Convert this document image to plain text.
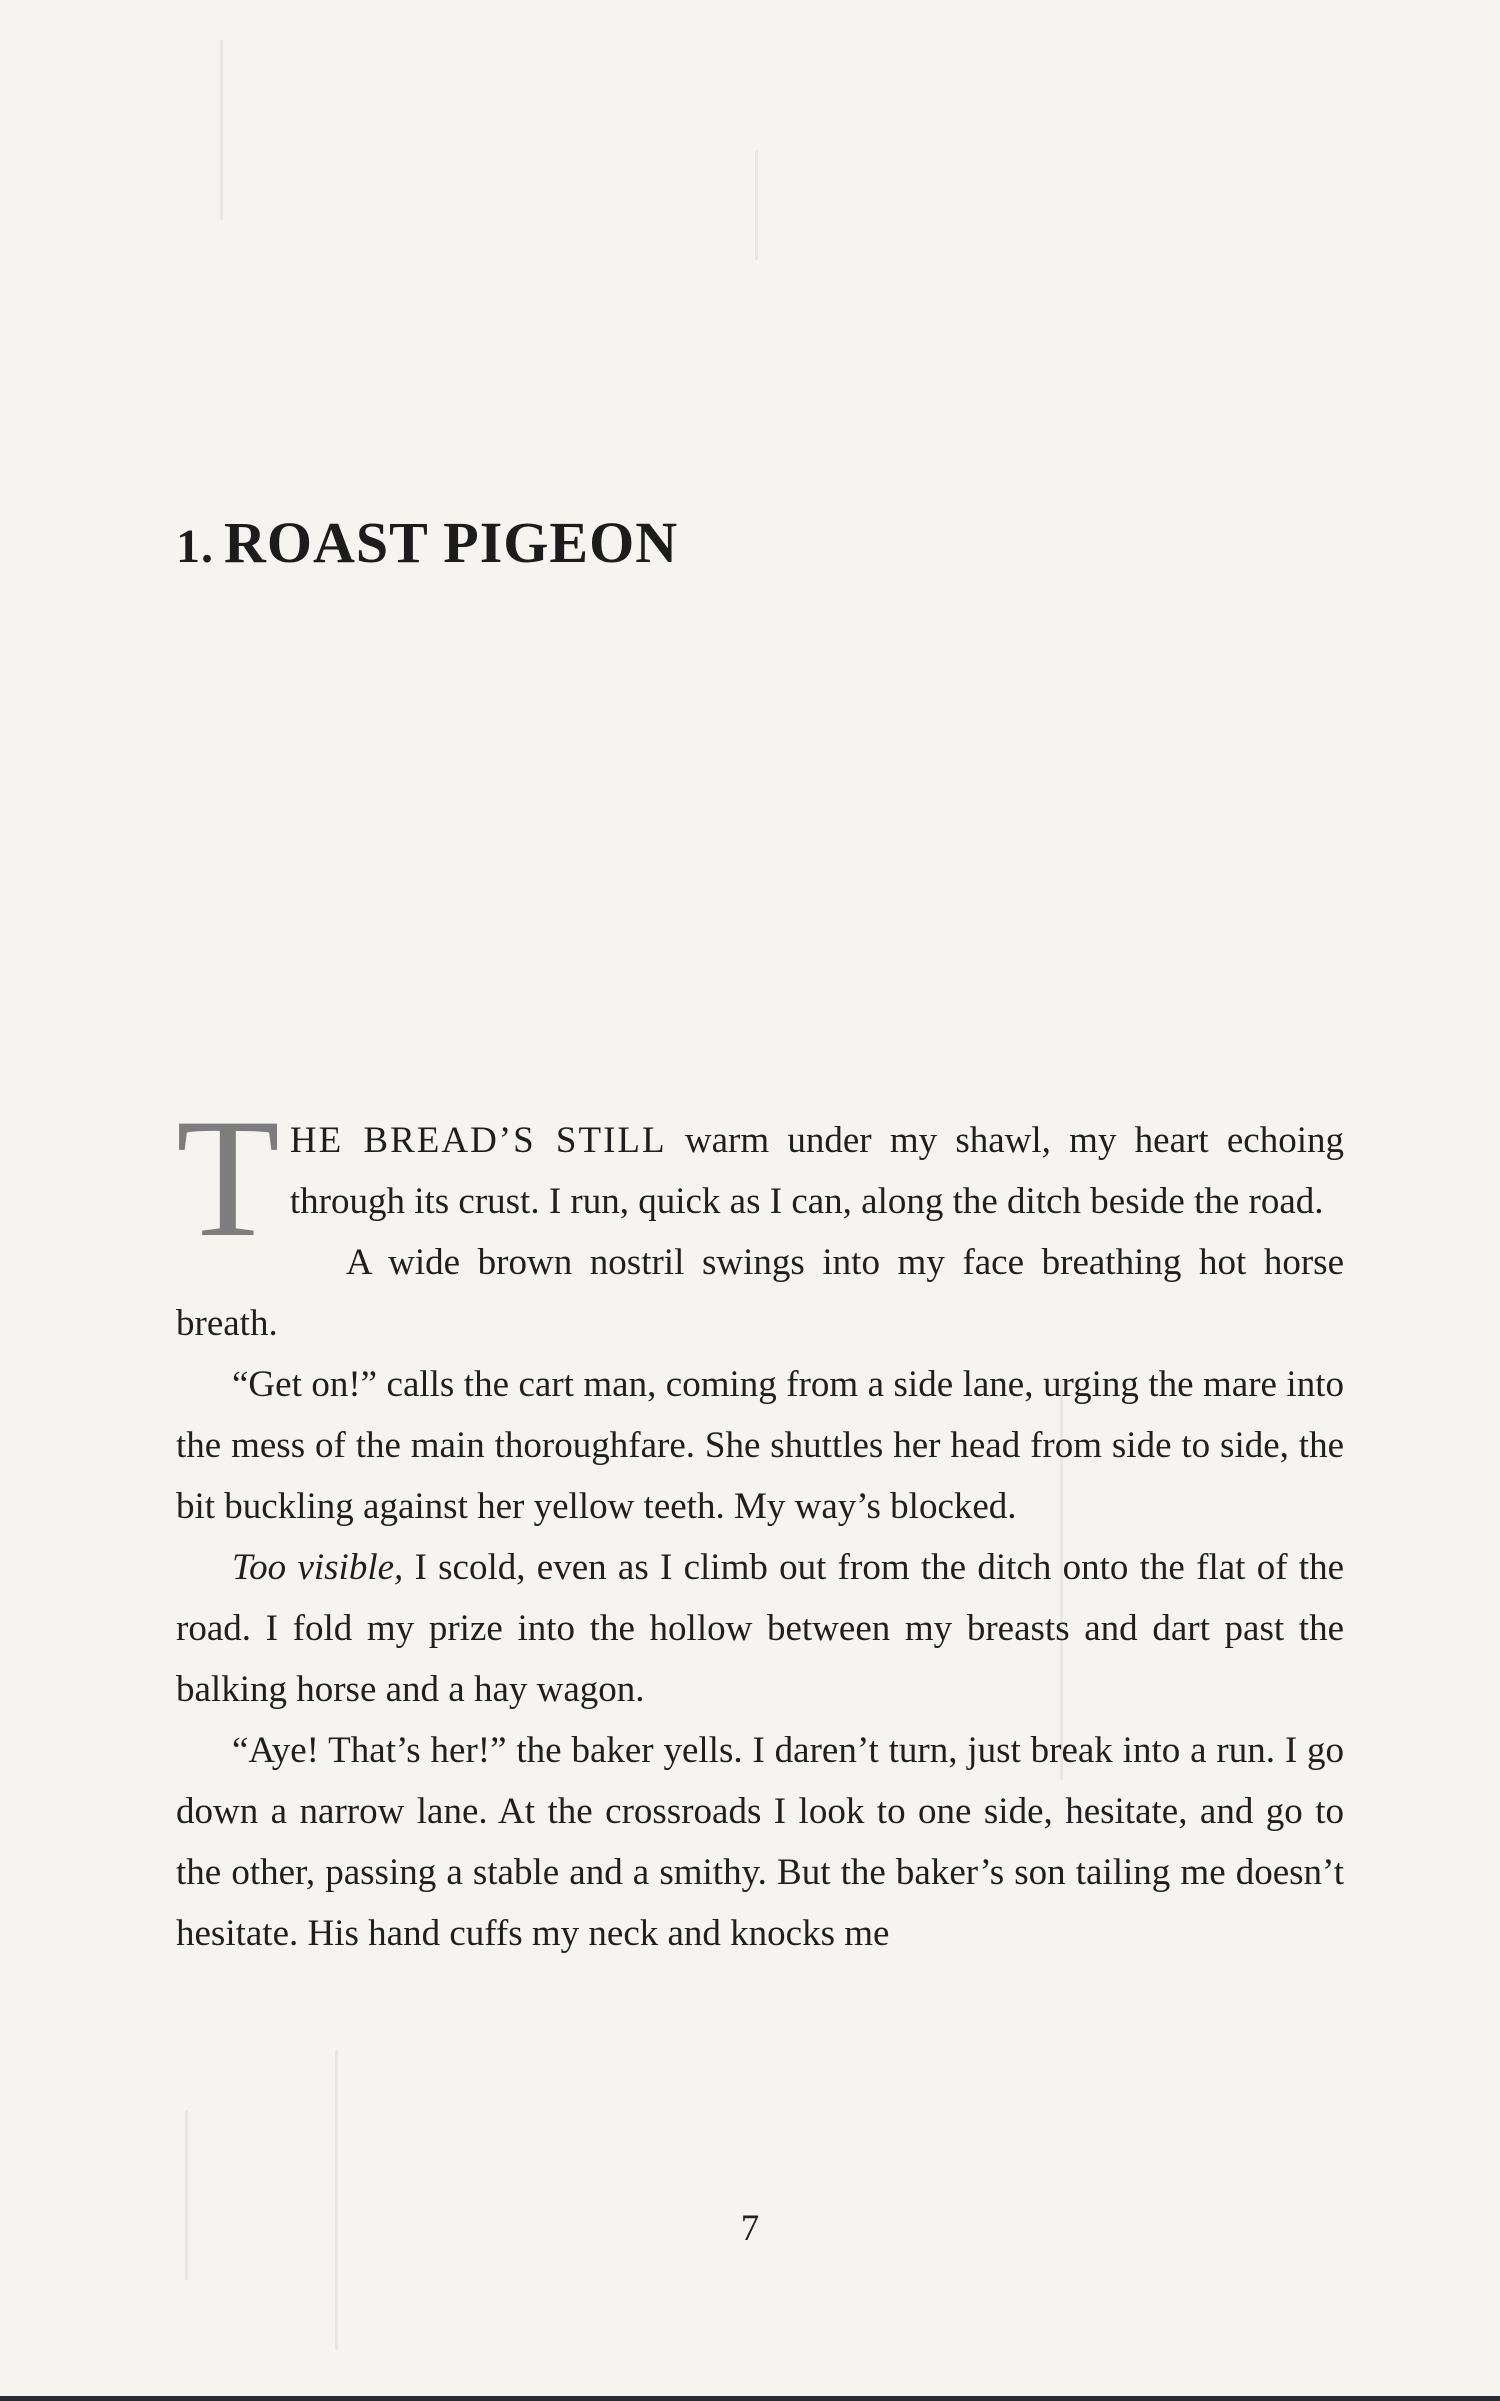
1. ROAST PIGEON

THE BREAD’S STILL warm under my shawl, my heart echoing through its crust. I run, quick as I can, along the ditch beside the road.

A wide brown nostril swings into my face breathing hot horse breath.

“Get on!” calls the cart man, coming from a side lane, urging the mare into the mess of the main thoroughfare. She shuttles her head from side to side, the bit buckling against her yellow teeth. My way’s blocked.

Too visible, I scold, even as I climb out from the ditch onto the flat of the road. I fold my prize into the hollow between my breasts and dart past the balking horse and a hay wagon.

“Aye! That’s her!” the baker yells. I daren’t turn, just break into a run. I go down a narrow lane. At the crossroads I look to one side, hesitate, and go to the other, passing a stable and a smithy. But the baker’s son tailing me doesn’t hesitate. His hand cuffs my neck and knocks me

7
